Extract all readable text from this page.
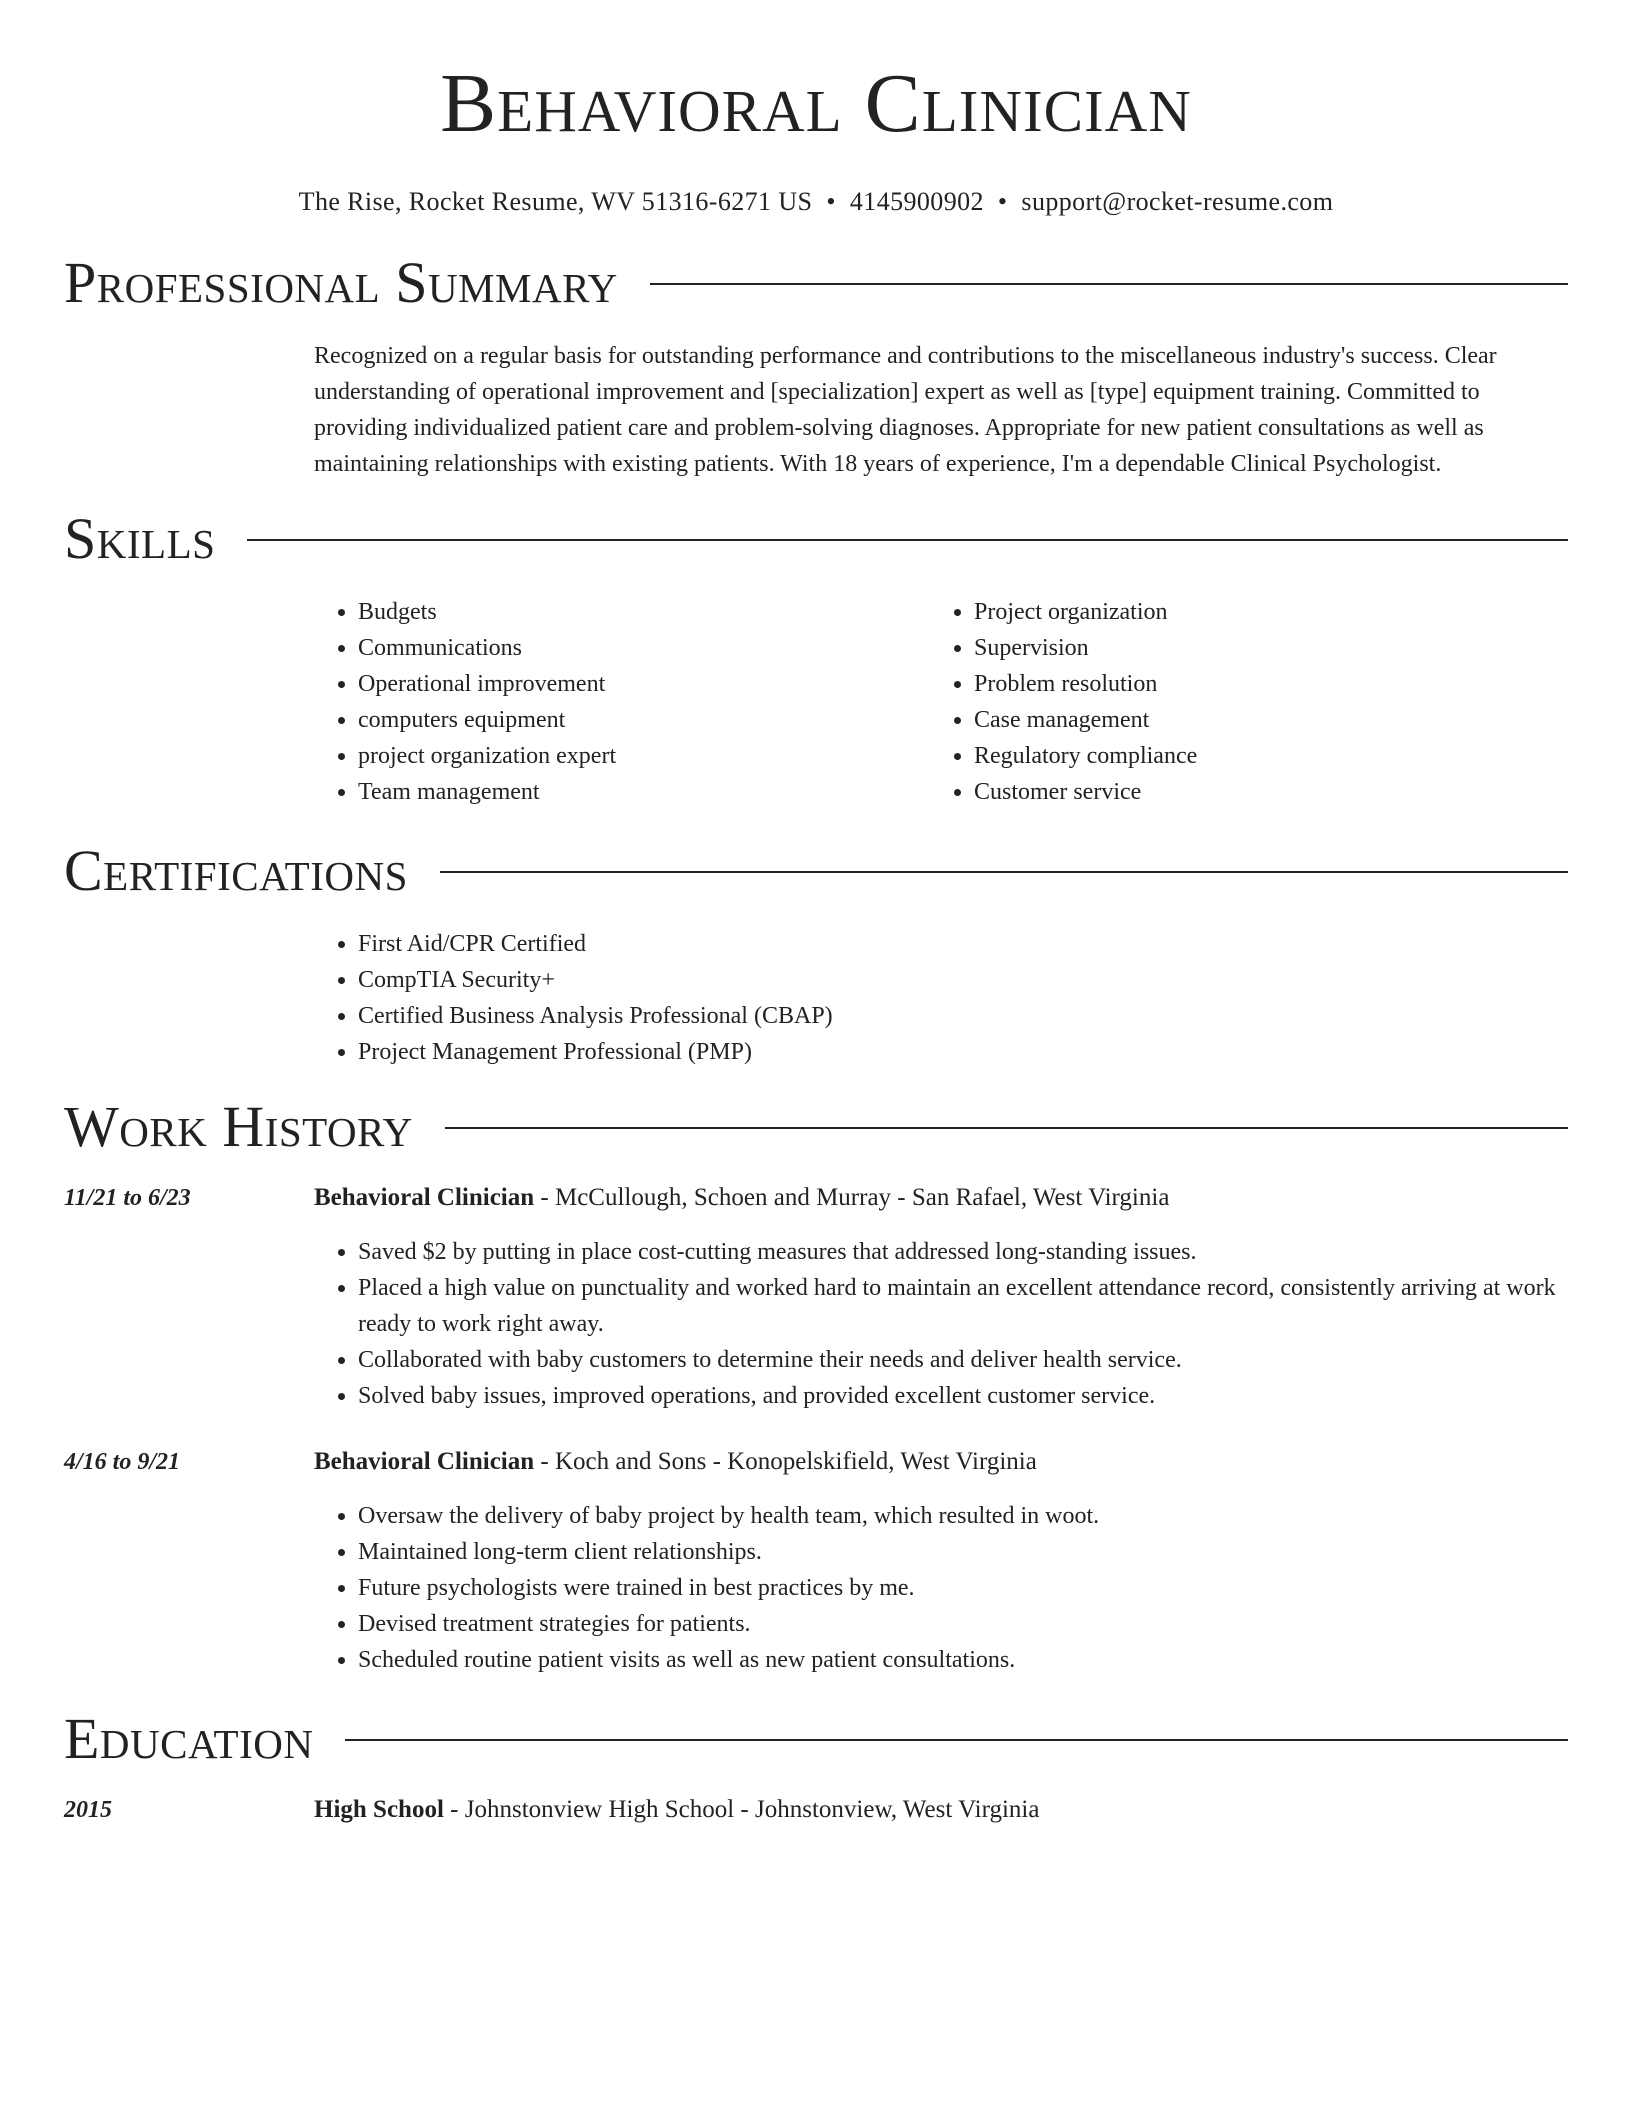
Behavioral Clinician
The Rise, Rocket Resume, WV 51316-6271 US • 4145900902 • support@rocket-resume.com
Professional Summary
Recognized on a regular basis for outstanding performance and contributions to the miscellaneous industry's success. Clear understanding of operational improvement and [specialization] expert as well as [type] equipment training. Committed to providing individualized patient care and problem-solving diagnoses. Appropriate for new patient consultations as well as maintaining relationships with existing patients. With 18 years of experience, I'm a dependable Clinical Psychologist.
Skills
• Budgets
• Communications
• Operational improvement
• computers equipment
• project organization expert
• Team management
• Project organization
• Supervision
• Problem resolution
• Case management
• Regulatory compliance
• Customer service
Certifications
• First Aid/CPR Certified
• CompTIA Security+
• Certified Business Analysis Professional (CBAP)
• Project Management Professional (PMP)
Work History
11/21 to 6/23	Behavioral Clinician - McCullough, Schoen and Murray - San Rafael, West Virginia
• Saved $2 by putting in place cost-cutting measures that addressed long-standing issues.
• Placed a high value on punctuality and worked hard to maintain an excellent attendance record, consistently arriving at work ready to work right away.
• Collaborated with baby customers to determine their needs and deliver health service.
• Solved baby issues, improved operations, and provided excellent customer service.
4/16 to 9/21	Behavioral Clinician - Koch and Sons - Konopelskifield, West Virginia
• Oversaw the delivery of baby project by health team, which resulted in woot.
• Maintained long-term client relationships.
• Future psychologists were trained in best practices by me.
• Devised treatment strategies for patients.
• Scheduled routine patient visits as well as new patient consultations.
Education
2015	High School - Johnstonview High School - Johnstonview, West Virginia
